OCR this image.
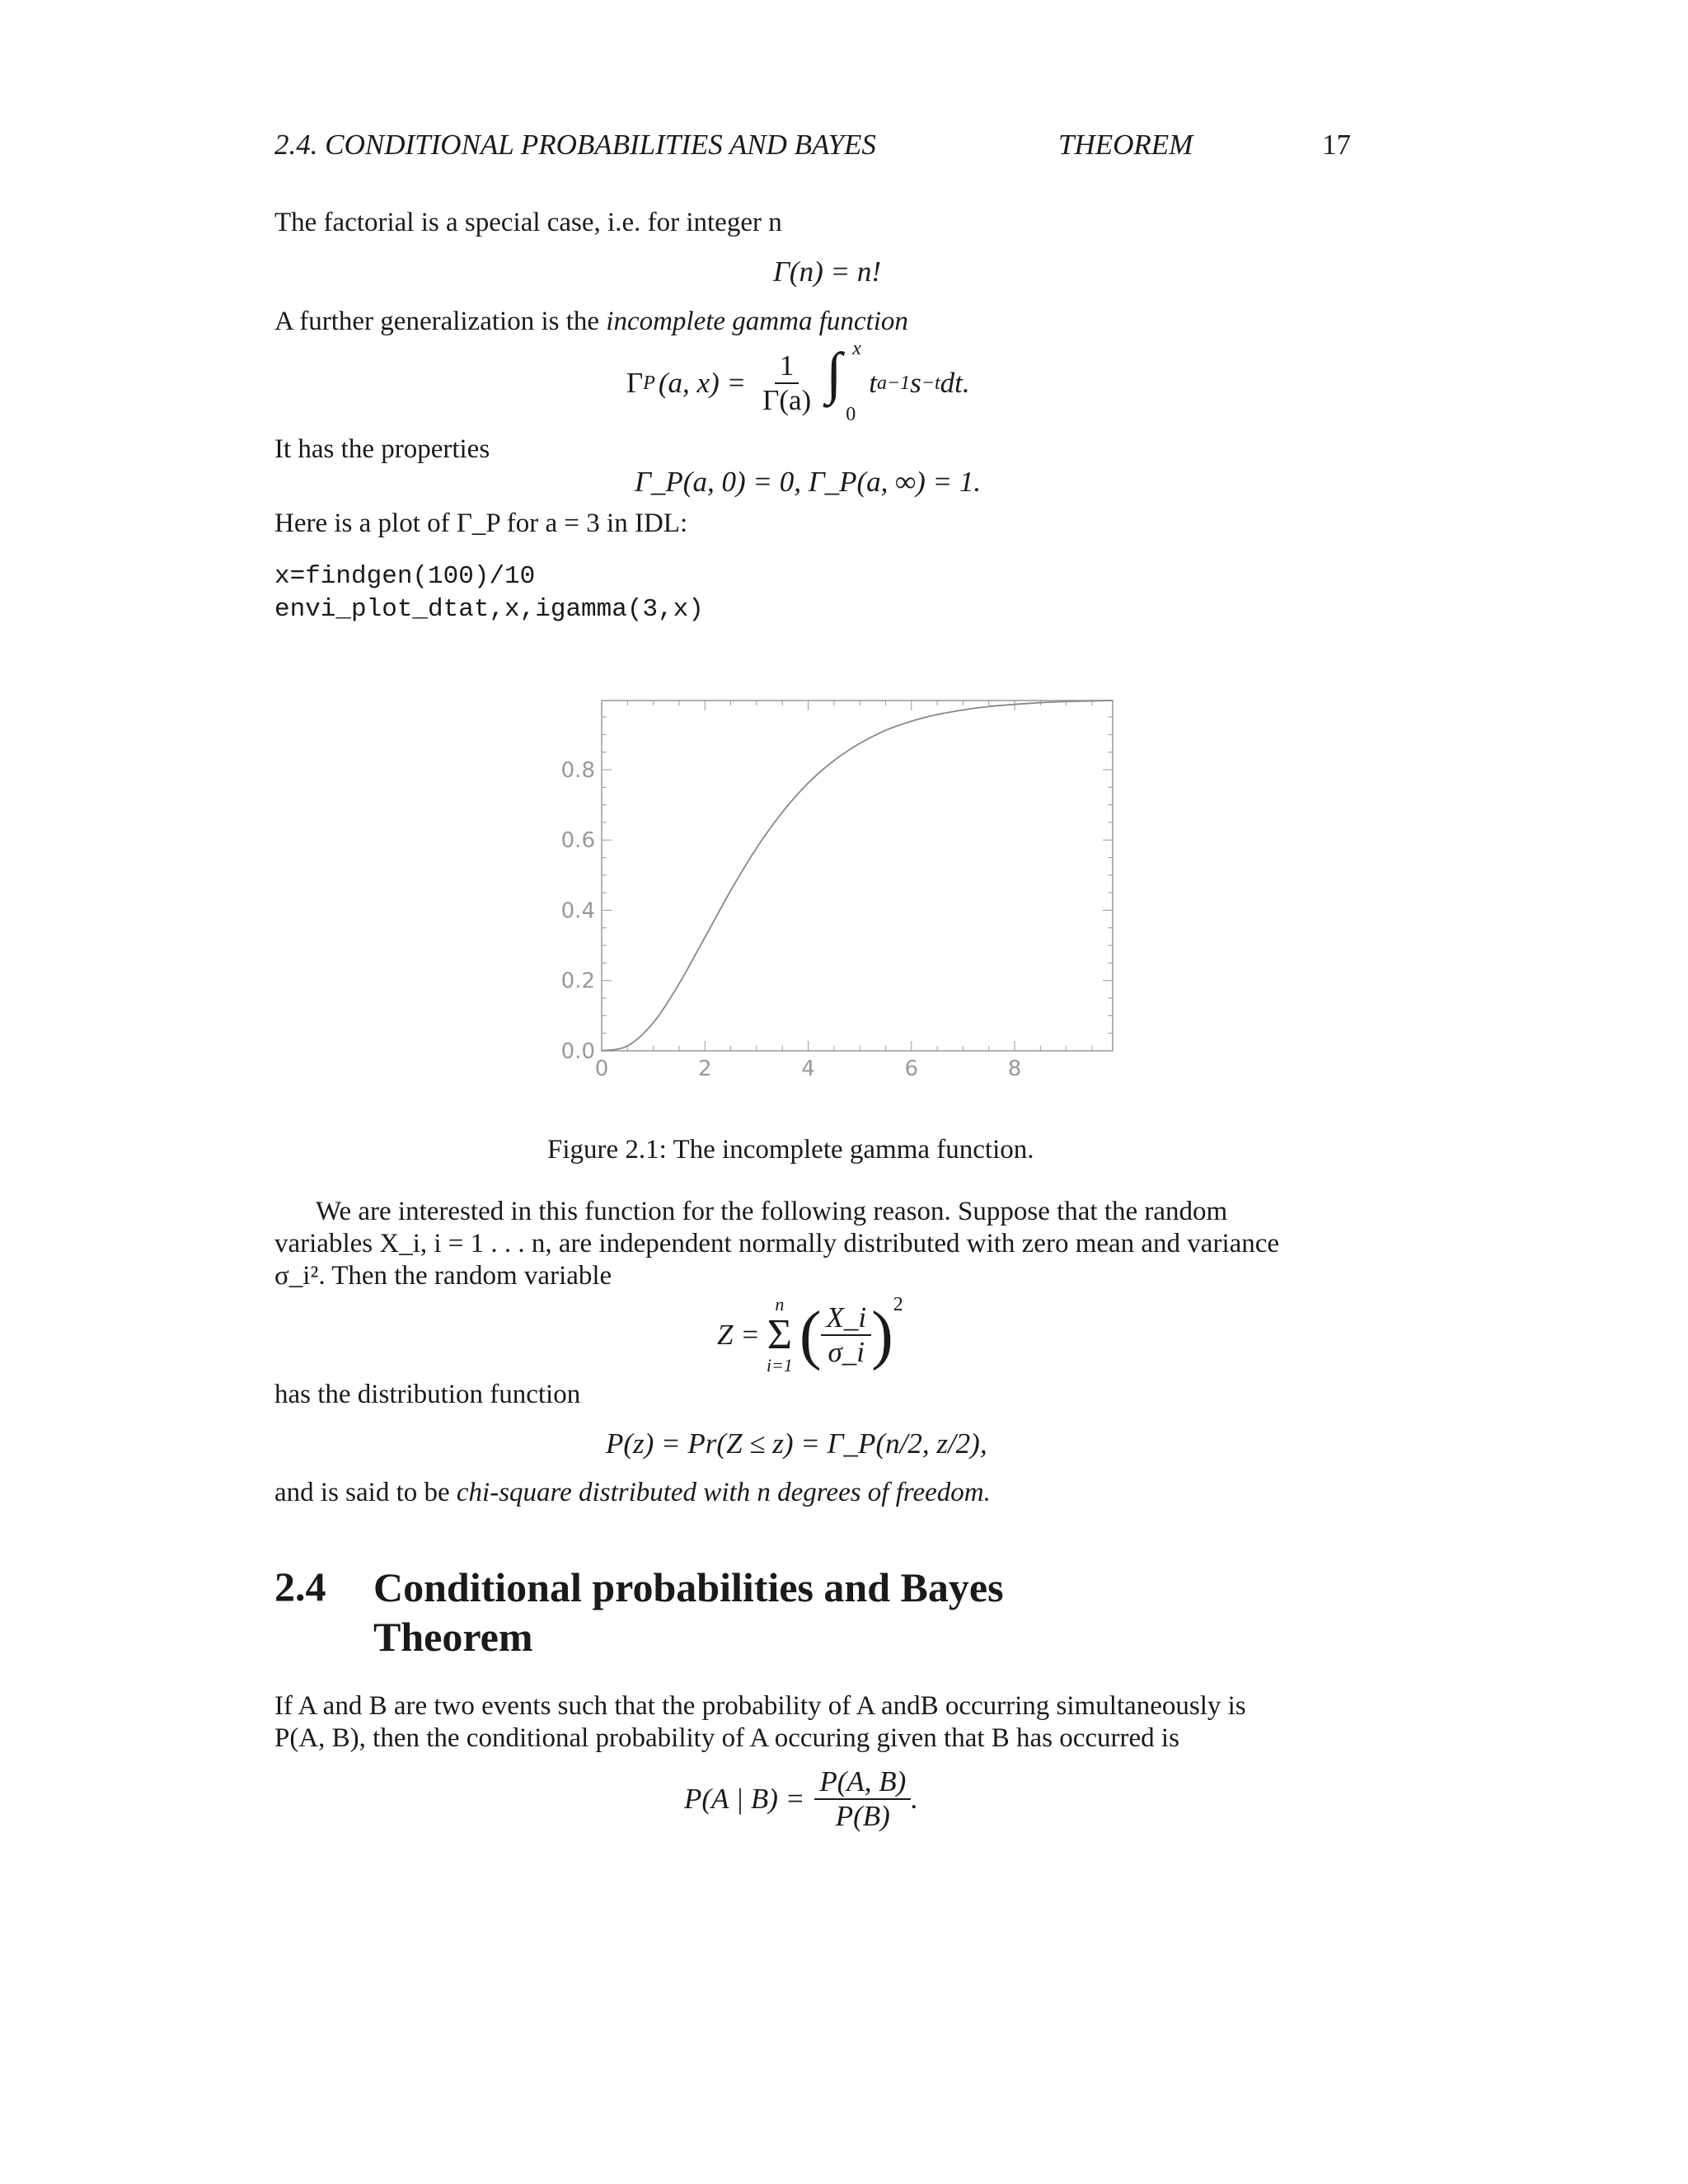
2.4. CONDITIONAL PROBABILITIES AND BAYES	THEOREM	17
The factorial is a special case, i.e. for integer n
Γ(n) = n!
A further generalization is the incomplete gamma function
Γ P (a, $x) = \frac{1}{\Gamma(a)}$ ∫ x
0
t a−1 s −t dt.
It has the properties
Γ_P(a, 0) = 0, Γ_P(a, ∞) = 1.
Here is a plot of Γ_P for a = 3 in IDL:
x=findgen(100)/10
envi_plot_dtat,x,igamma(3,x)
0	2	4	6	8
0.0
0.2
0.4
0.6
0.8
Figure 2.1: The incomplete gamma function.
We are interested in this function for the following reason. Suppose that the random
variables X_i, i = 1 . . . n, are independent normally distributed with zero mean and variance
σ_i². Then the random variable
Z =
n
Σ
i=1 ( $\frac{X\_i}{\sigma\_i} )^2$
has the distribution function
P(z) = Pr(Z ≤ z) = Γ_P(n/2, z/2),
and is said to be chi-square distributed with n degrees of freedom.
2.4 Conditional probabilities and Bayes
Theorem
If A and B are two events such that the probability of A andB occurring simultaneously is
P(A, B), then the conditional probability of A occuring given that B has occurred is
P(A | $B) = \frac{P(A, B)}{P(B)}$ .
